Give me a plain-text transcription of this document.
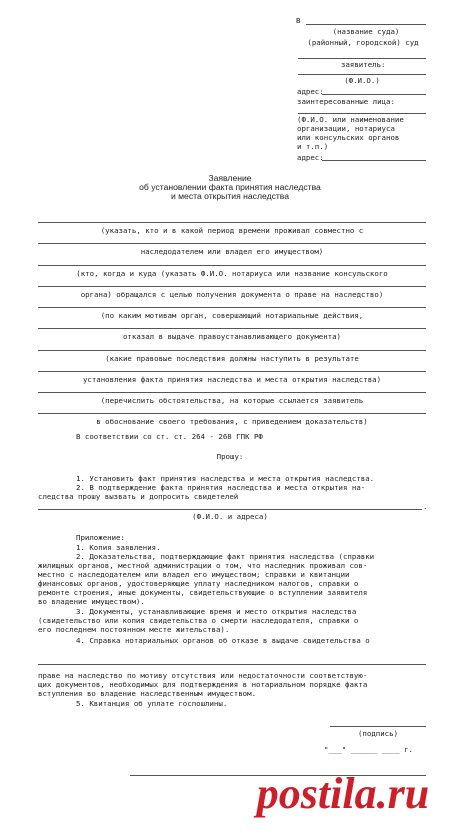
В
(название суда)
(районный, городской) суд
заявитель:
(Ф.И.О.)
адрес:
заинтересованные лица:
(Ф.И.О. или наименование
организации, нотариуса
или консульских органов
и т.п.)
адрес:
Заявление
об установлении факта принятия наследства
и места открытия наследства
(указать, кто и в какой период времени проживал совместно с
наследодателем или владел его имуществом)
(кто, когда и куда (указать Ф.И.О. нотариуса или название консульского
органа) обращался с целью получения документа о праве на наследство)
(по каким мотивам орган, совершающий нотариальные действия,
отказал в выдаче правоустанавливающего документа)
(какие правовые последствия должны наступить в результате
установления факта принятия наследства и места открытия наследства)
(перечислить обстоятельства, на которые ссылается заявитель
в обоснование своего требования, с приведением доказательств)
В соответствии со ст. ст. 264 - 268 ГПК РФ
Прошу:
1. Установить факт принятия наследства и места открытия наследства.
2. В подтверждение факта принятия наследства и места открытия на-
следства прошу вызвать и допросить свидетелей
.
(Ф.И.О. и адреса)
Приложение:
1. Копия заявления.
2. Доказательства, подтверждающие факт принятия наследства (справки
жилищных органов, местной администрации о том, что наследник проживал сов-
местно с наследодателем или владел его имуществом; справки и квитанции
финансовых органов, удостоверяющие уплату наследником налогов, справки о
ремонте строения, иные документы, свидетельствующие о вступлении заявителя
во владение имуществом).
3. Документы, устанавливающие время и место открытия наследства
(свидетельство или копия свидетельства о смерти наследодателя, справки о
его последнем постоянном месте жительства).
4. Справка нотариальных органов об отказе в выдаче свидетельства о
праве на наследство по мотиву отсутствия или недостаточности соответствую-
щих документов, необходимых для подтверждения в нотариальном порядке факта
вступления во владение наследственным имуществом.
5. Квитанция об уплате госпошлины.
(подпись)
"___" ______ ____ г.
postila.ru
